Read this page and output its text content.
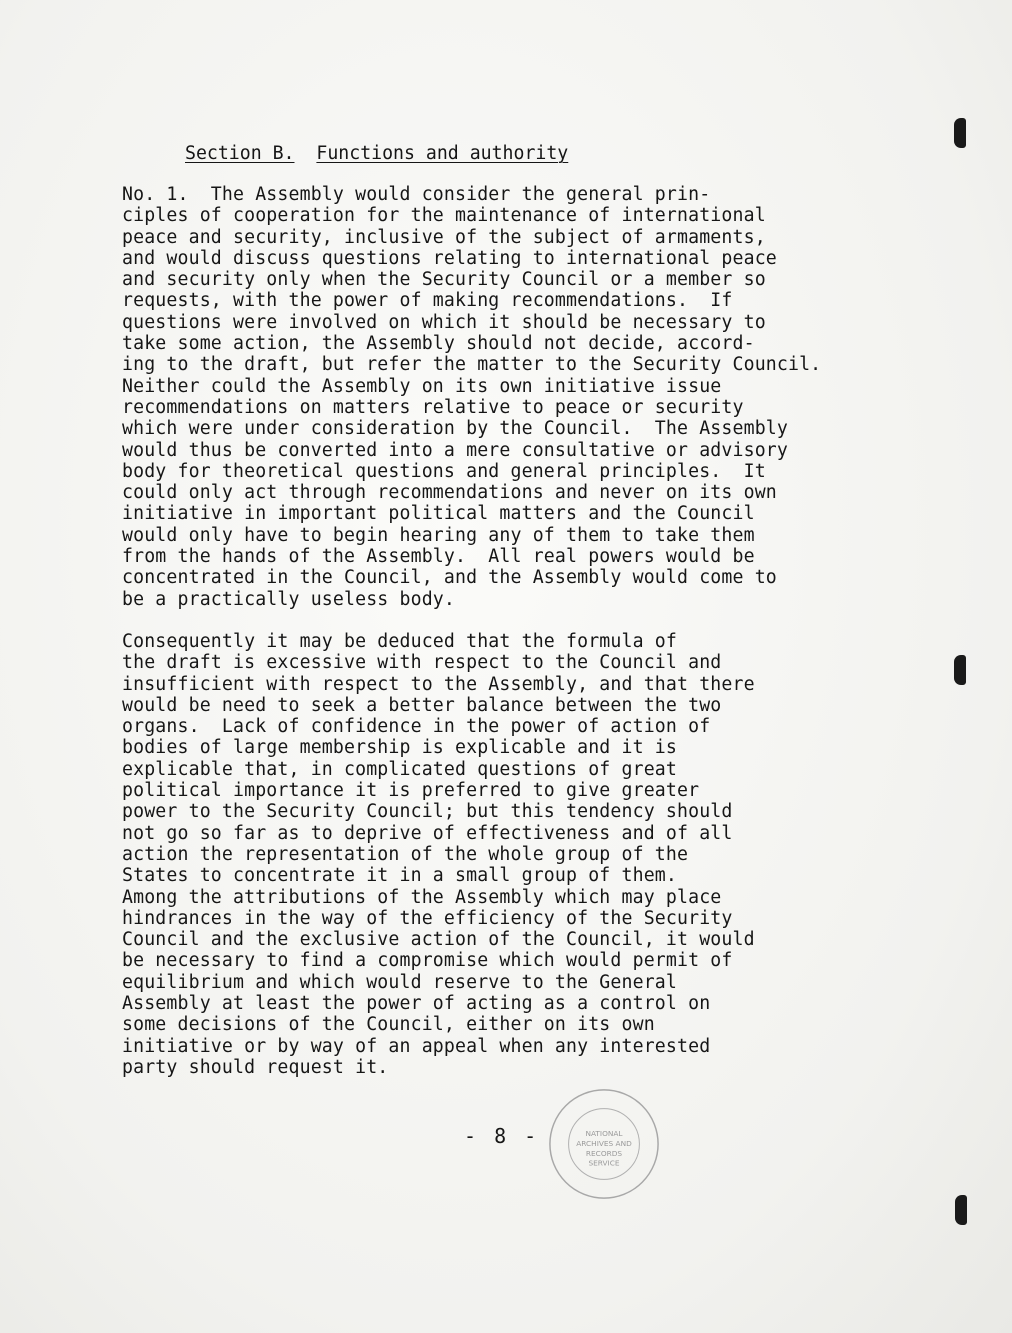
Section B. Functions and authority

No. 1.  The Assembly would consider the general prin-
ciples of cooperation for the maintenance of international
peace and security, inclusive of the subject of armaments,
and would discuss questions relating to international peace
and security only when the Security Council or a member so
requests, with the power of making recommendations.  If
questions were involved on which it should be necessary to
take some action, the Assembly should not decide, accord-
ing to the draft, but refer the matter to the Security Council.
Neither could the Assembly on its own initiative issue
recommendations on matters relative to peace or security
which were under consideration by the Council.  The Assembly
would thus be converted into a mere consultative or advisory
body for theoretical questions and general principles.  It
could only act through recommendations and never on its own
initiative in important political matters and the Council
would only have to begin hearing any of them to take them
from the hands of the Assembly.  All real powers would be
concentrated in the Council, and the Assembly would come to
be a practically useless body.

Consequently it may be deduced that the formula of
the draft is excessive with respect to the Council and
insufficient with respect to the Assembly, and that there
would be need to seek a better balance between the two
organs.  Lack of confidence in the power of action of
bodies of large membership is explicable and it is
explicable that, in complicated questions of great
political importance it is preferred to give greater
power to the Security Council; but this tendency should
not go so far as to deprive of effectiveness and of all
action the representation of the whole group of the
States to concentrate it in a small group of them.
Among the attributions of the Assembly which may place
hindrances in the way of the efficiency of the Security
Council and the exclusive action of the Council, it would
be necessary to find a compromise which would permit of
equilibrium and which would reserve to the General
Assembly at least the power of acting as a control on
some decisions of the Council, either on its own
initiative or by way of an appeal when any interested
party should request it.

- 8 -	NATIONAL
ARCHIVES AND
RECORDS
SERVICE
